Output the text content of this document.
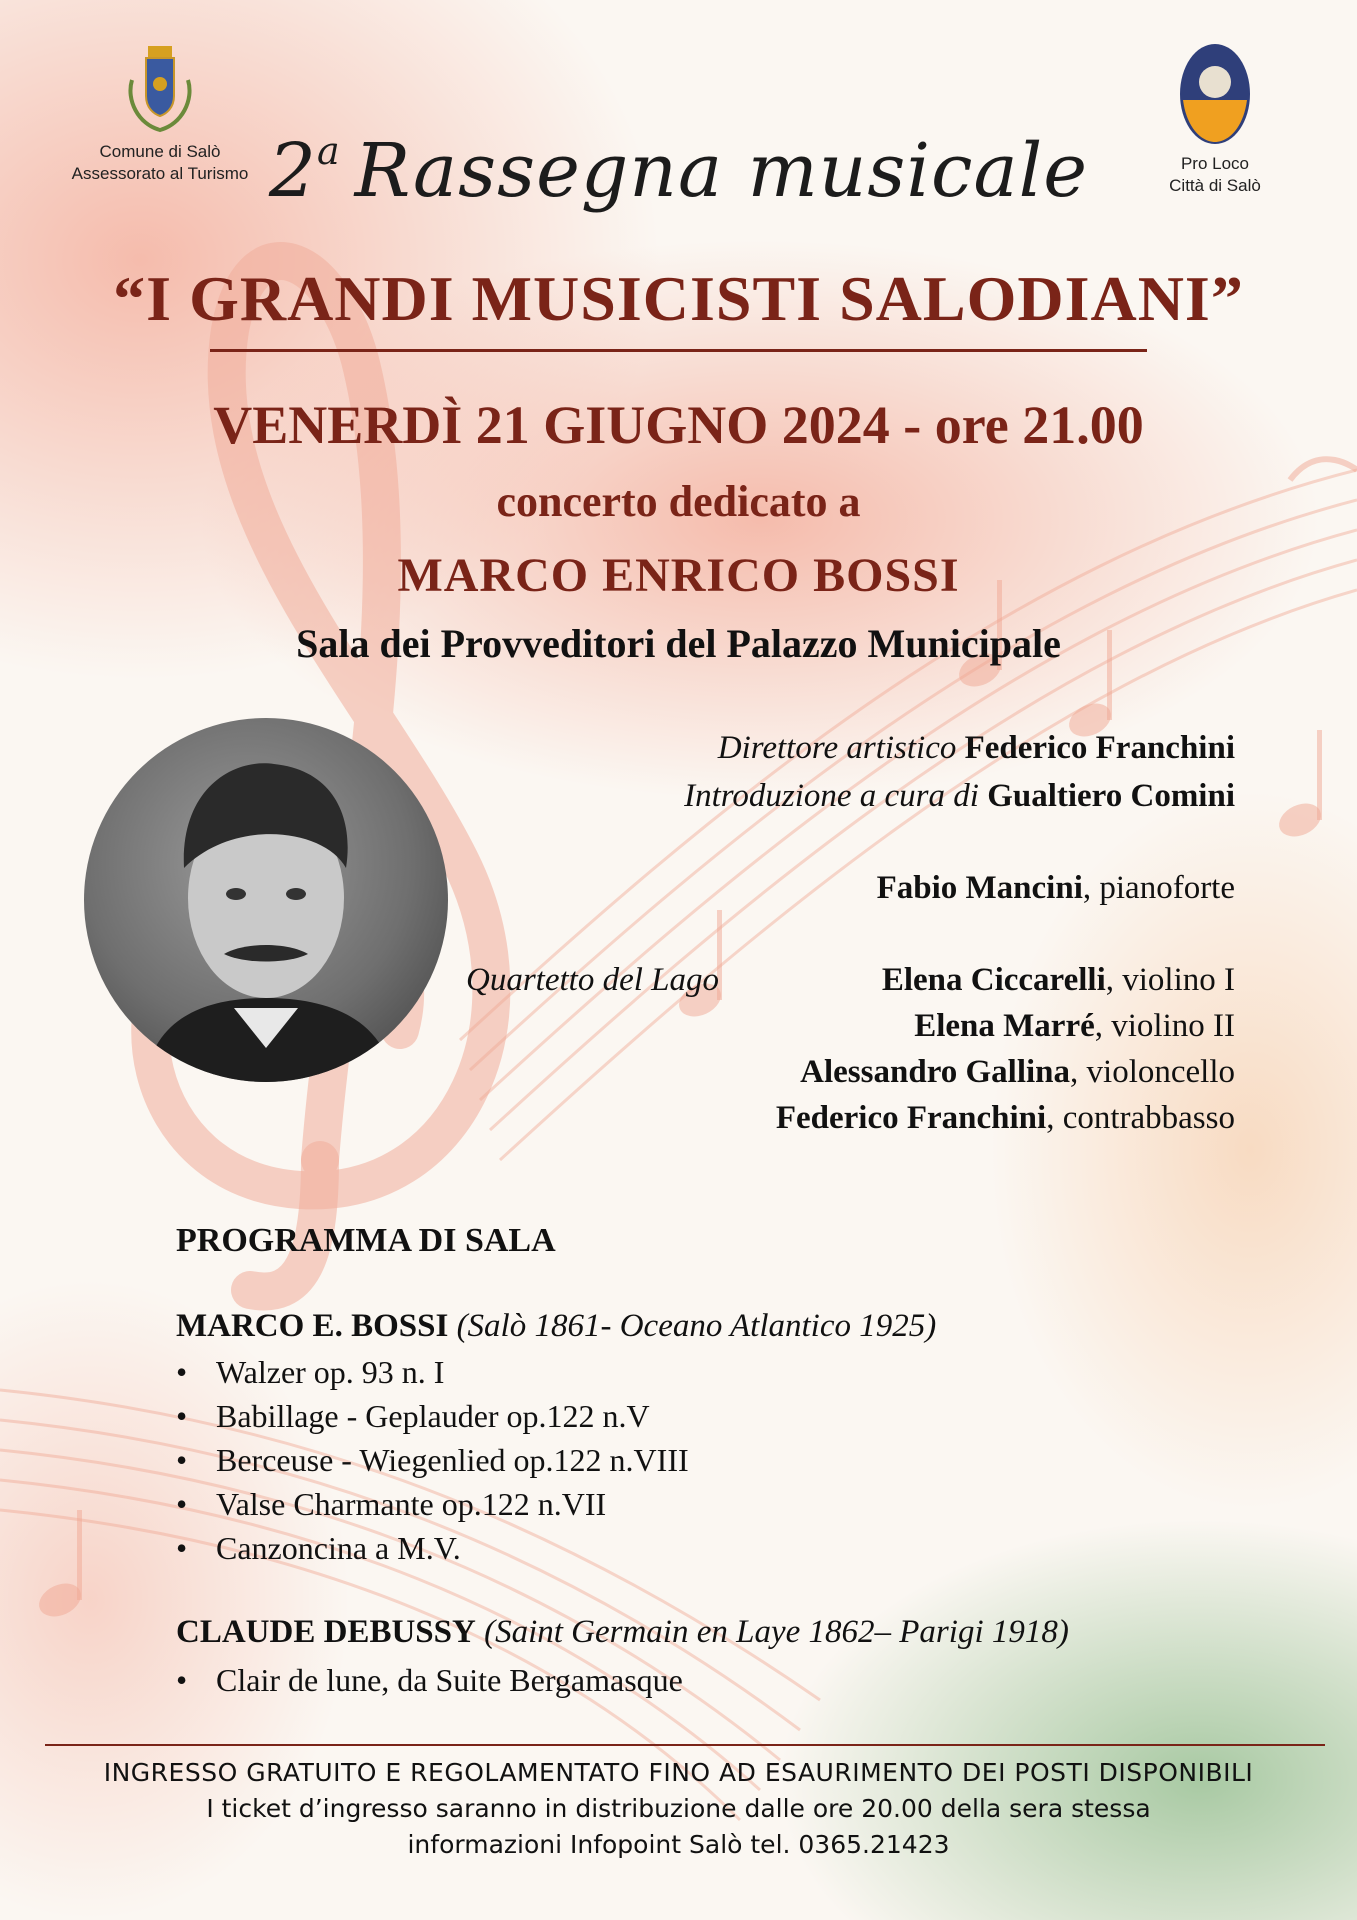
Comune di Salò
Assessorato al Turismo
Pro Loco
Città di Salò
2$^a$ Rassegna musicale
“I GRANDI MUSICISTI SALODIANI”
VENERDÌ 21 GIUGNO 2024 - ore 21.00
concerto dedicato a
MARCO ENRICO BOSSI
Sala dei Provveditori del Palazzo Municipale
Direttore artistico Federico Franchini
Introduzione a cura di Gualtiero Comini
Fabio Mancini, pianoforte
Quartetto del Lago	Elena Ciccarelli, violino I
Elena Marré, violino II
Alessandro Gallina, violoncello
Federico Franchini, contrabbasso
PROGRAMMA DI SALA
MARCO E. BOSSI (Salò 1861- Oceano Atlantico 1925)
• Walzer op. 93 n. I
• Babillage - Geplauder op.122 n.V
• Berceuse - Wiegenlied op.122 n.VIII
• Valse Charmante op.122 n.VII
• Canzoncina a M.V.
CLAUDE DEBUSSY (Saint Germain en Laye 1862– Parigi 1918)
• Clair de lune, da Suite Bergamasque
INGRESSO GRATUITO E REGOLAMENTATO FINO AD ESAURIMENTO DEI POSTI DISPONIBILI
I ticket d’ingresso saranno in distribuzione dalle ore 20.00 della sera stessa
informazioni Infopoint Salò tel. 0365.21423
